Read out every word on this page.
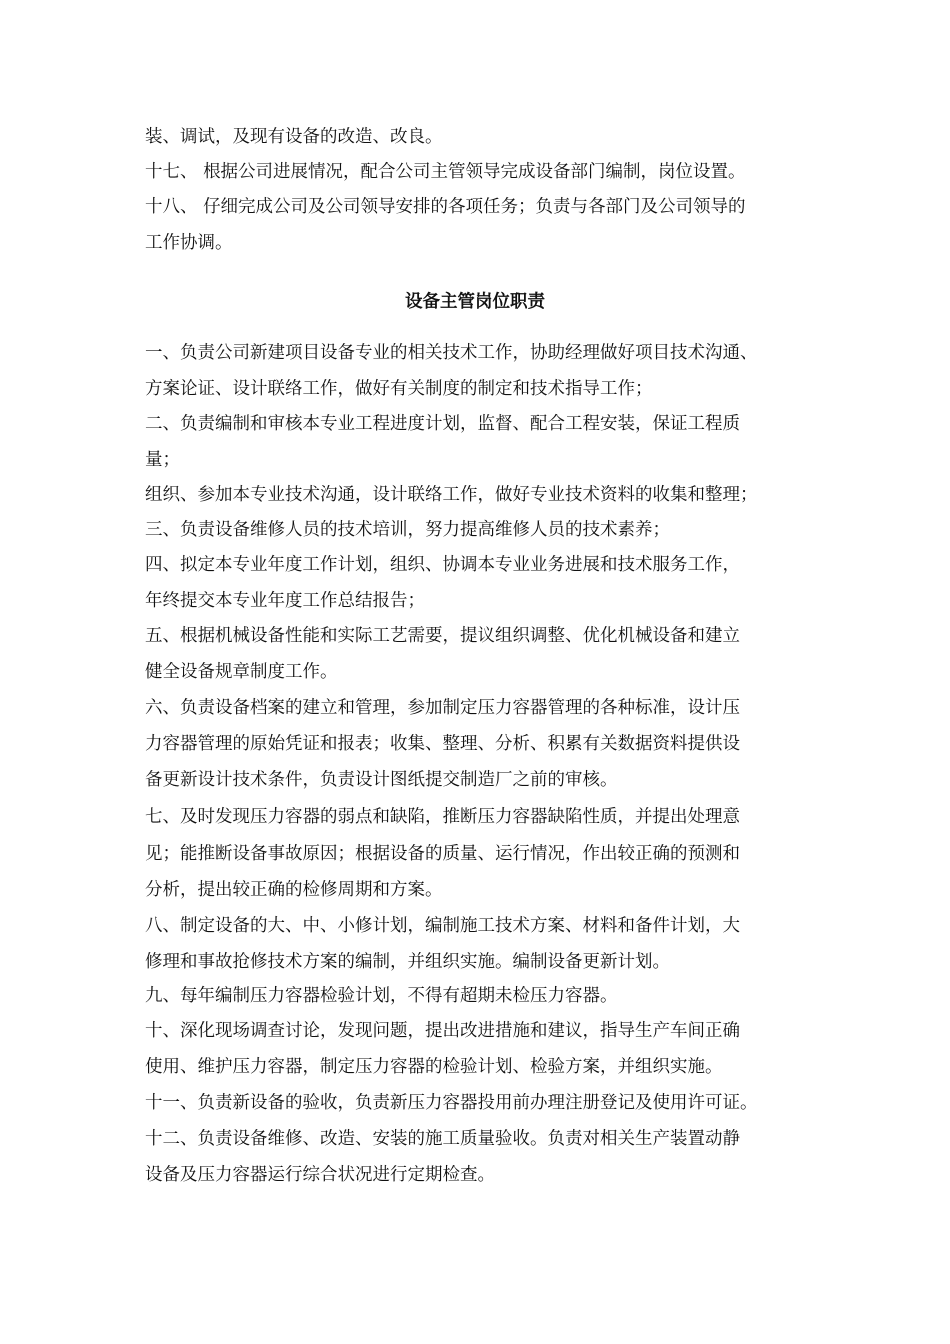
装、调试，及现有设备的改造、改良。
十七、 根据公司进展情况，配合公司主管领导完成设备部门编制，岗位设置。
十八、 仔细完成公司及公司领导安排的各项任务；负责与各部门及公司领导的
工作协调。
设备主管岗位职责
一、负责公司新建项目设备专业的相关技术工作，协助经理做好项目技术沟通、
方案论证、设计联络工作，做好有关制度的制定和技术指导工作；
二、负责编制和审核本专业工程进度计划，监督、配合工程安装，保证工程质
量；
组织、参加本专业技术沟通，设计联络工作，做好专业技术资料的收集和整理；
三、负责设备维修人员的技术培训，努力提高维修人员的技术素养；
四、拟定本专业年度工作计划，组织、协调本专业业务进展和技术服务工作，
年终提交本专业年度工作总结报告；
五、根据机械设备性能和实际工艺需要，提议组织调整、优化机械设备和建立
健全设备规章制度工作。
六、负责设备档案的建立和管理，参加制定压力容器管理的各种标准，设计压
力容器管理的原始凭证和报表；收集、整理、分析、积累有关数据资料提供设
备更新设计技术条件，负责设计图纸提交制造厂之前的审核。
七、及时发现压力容器的弱点和缺陷，推断压力容器缺陷性质，并提出处理意
见；能推断设备事故原因；根据设备的质量、运行情况，作出较正确的预测和
分析，提出较正确的检修周期和方案。
八、制定设备的大、中、小修计划，编制施工技术方案、材料和备件计划，大
修理和事故抢修技术方案的编制，并组织实施。编制设备更新计划。
九、每年编制压力容器检验计划，不得有超期未检压力容器。
十、深化现场调查讨论，发现问题，提出改进措施和建议，指导生产车间正确
使用、维护压力容器，制定压力容器的检验计划、检验方案，并组织实施。
十一、负责新设备的验收，负责新压力容器投用前办理注册登记及使用许可证。
十二、负责设备维修、改造、安装的施工质量验收。负责对相关生产装置动静
设备及压力容器运行综合状况进行定期检查。
